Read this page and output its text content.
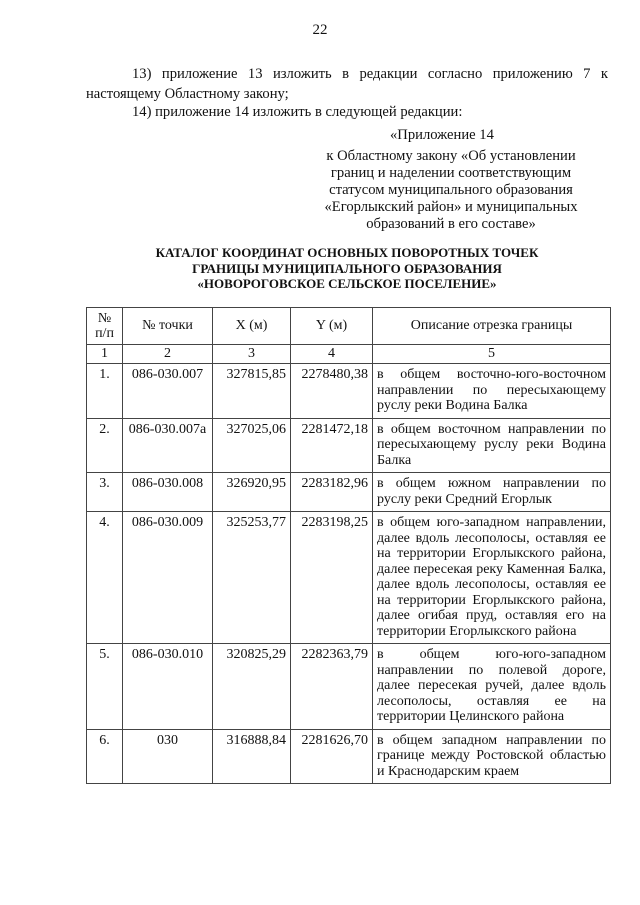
22
13) приложение 13 изложить в редакции согласно приложению 7 к настоящему Областному закону;
14) приложение 14 изложить в следующей редакции:
«Приложение 14
к Областному закону «Об установлении
границ и наделении соответствующим
статусом муниципального образования
«Егорлыкский район» и муниципальных
образований в его составе»
КАТАЛОГ КООРДИНАТ ОСНОВНЫХ ПОВОРОТНЫХ ТОЧЕК
ГРАНИЦЫ МУНИЦИПАЛЬНОГО ОБРАЗОВАНИЯ
«НОВОРОГОВСКОЕ СЕЛЬСКОЕ ПОСЕЛЕНИЕ»
№
п/п	№ точки	X (м)	Y (м)	Описание отрезка границы
1	2	3	4	5
1.	086-030.007	327815,85	2278480,38	в общем восточно-юго-восточном направлении по пересыхающему руслу реки Водина Балка
2.	086-030.007а	327025,06	2281472,18	в общем восточном направлении по пересыхающему руслу реки Водина Балка
3.	086-030.008	326920,95	2283182,96	в общем южном направлении по руслу реки Средний Егорлык
4.	086-030.009	325253,77	2283198,25	в общем юго-западном направлении, далее вдоль лесополосы, оставляя ее на территории Егорлыкского района, далее пересекая реку Каменная Балка, далее вдоль лесополосы, оставляя ее на территории Егорлыкского района, далее огибая пруд, оставляя его на территории Егорлыкского района
5.	086-030.010	320825,29	2282363,79	в общем юго-юго-западном направлении по полевой дороге, далее пересекая ручей, далее вдоль лесополосы, оставляя ее на территории Целинского района
6.	030	316888,84	2281626,70	в общем западном направлении по границе между Ростовской областью и Краснодарским краем
